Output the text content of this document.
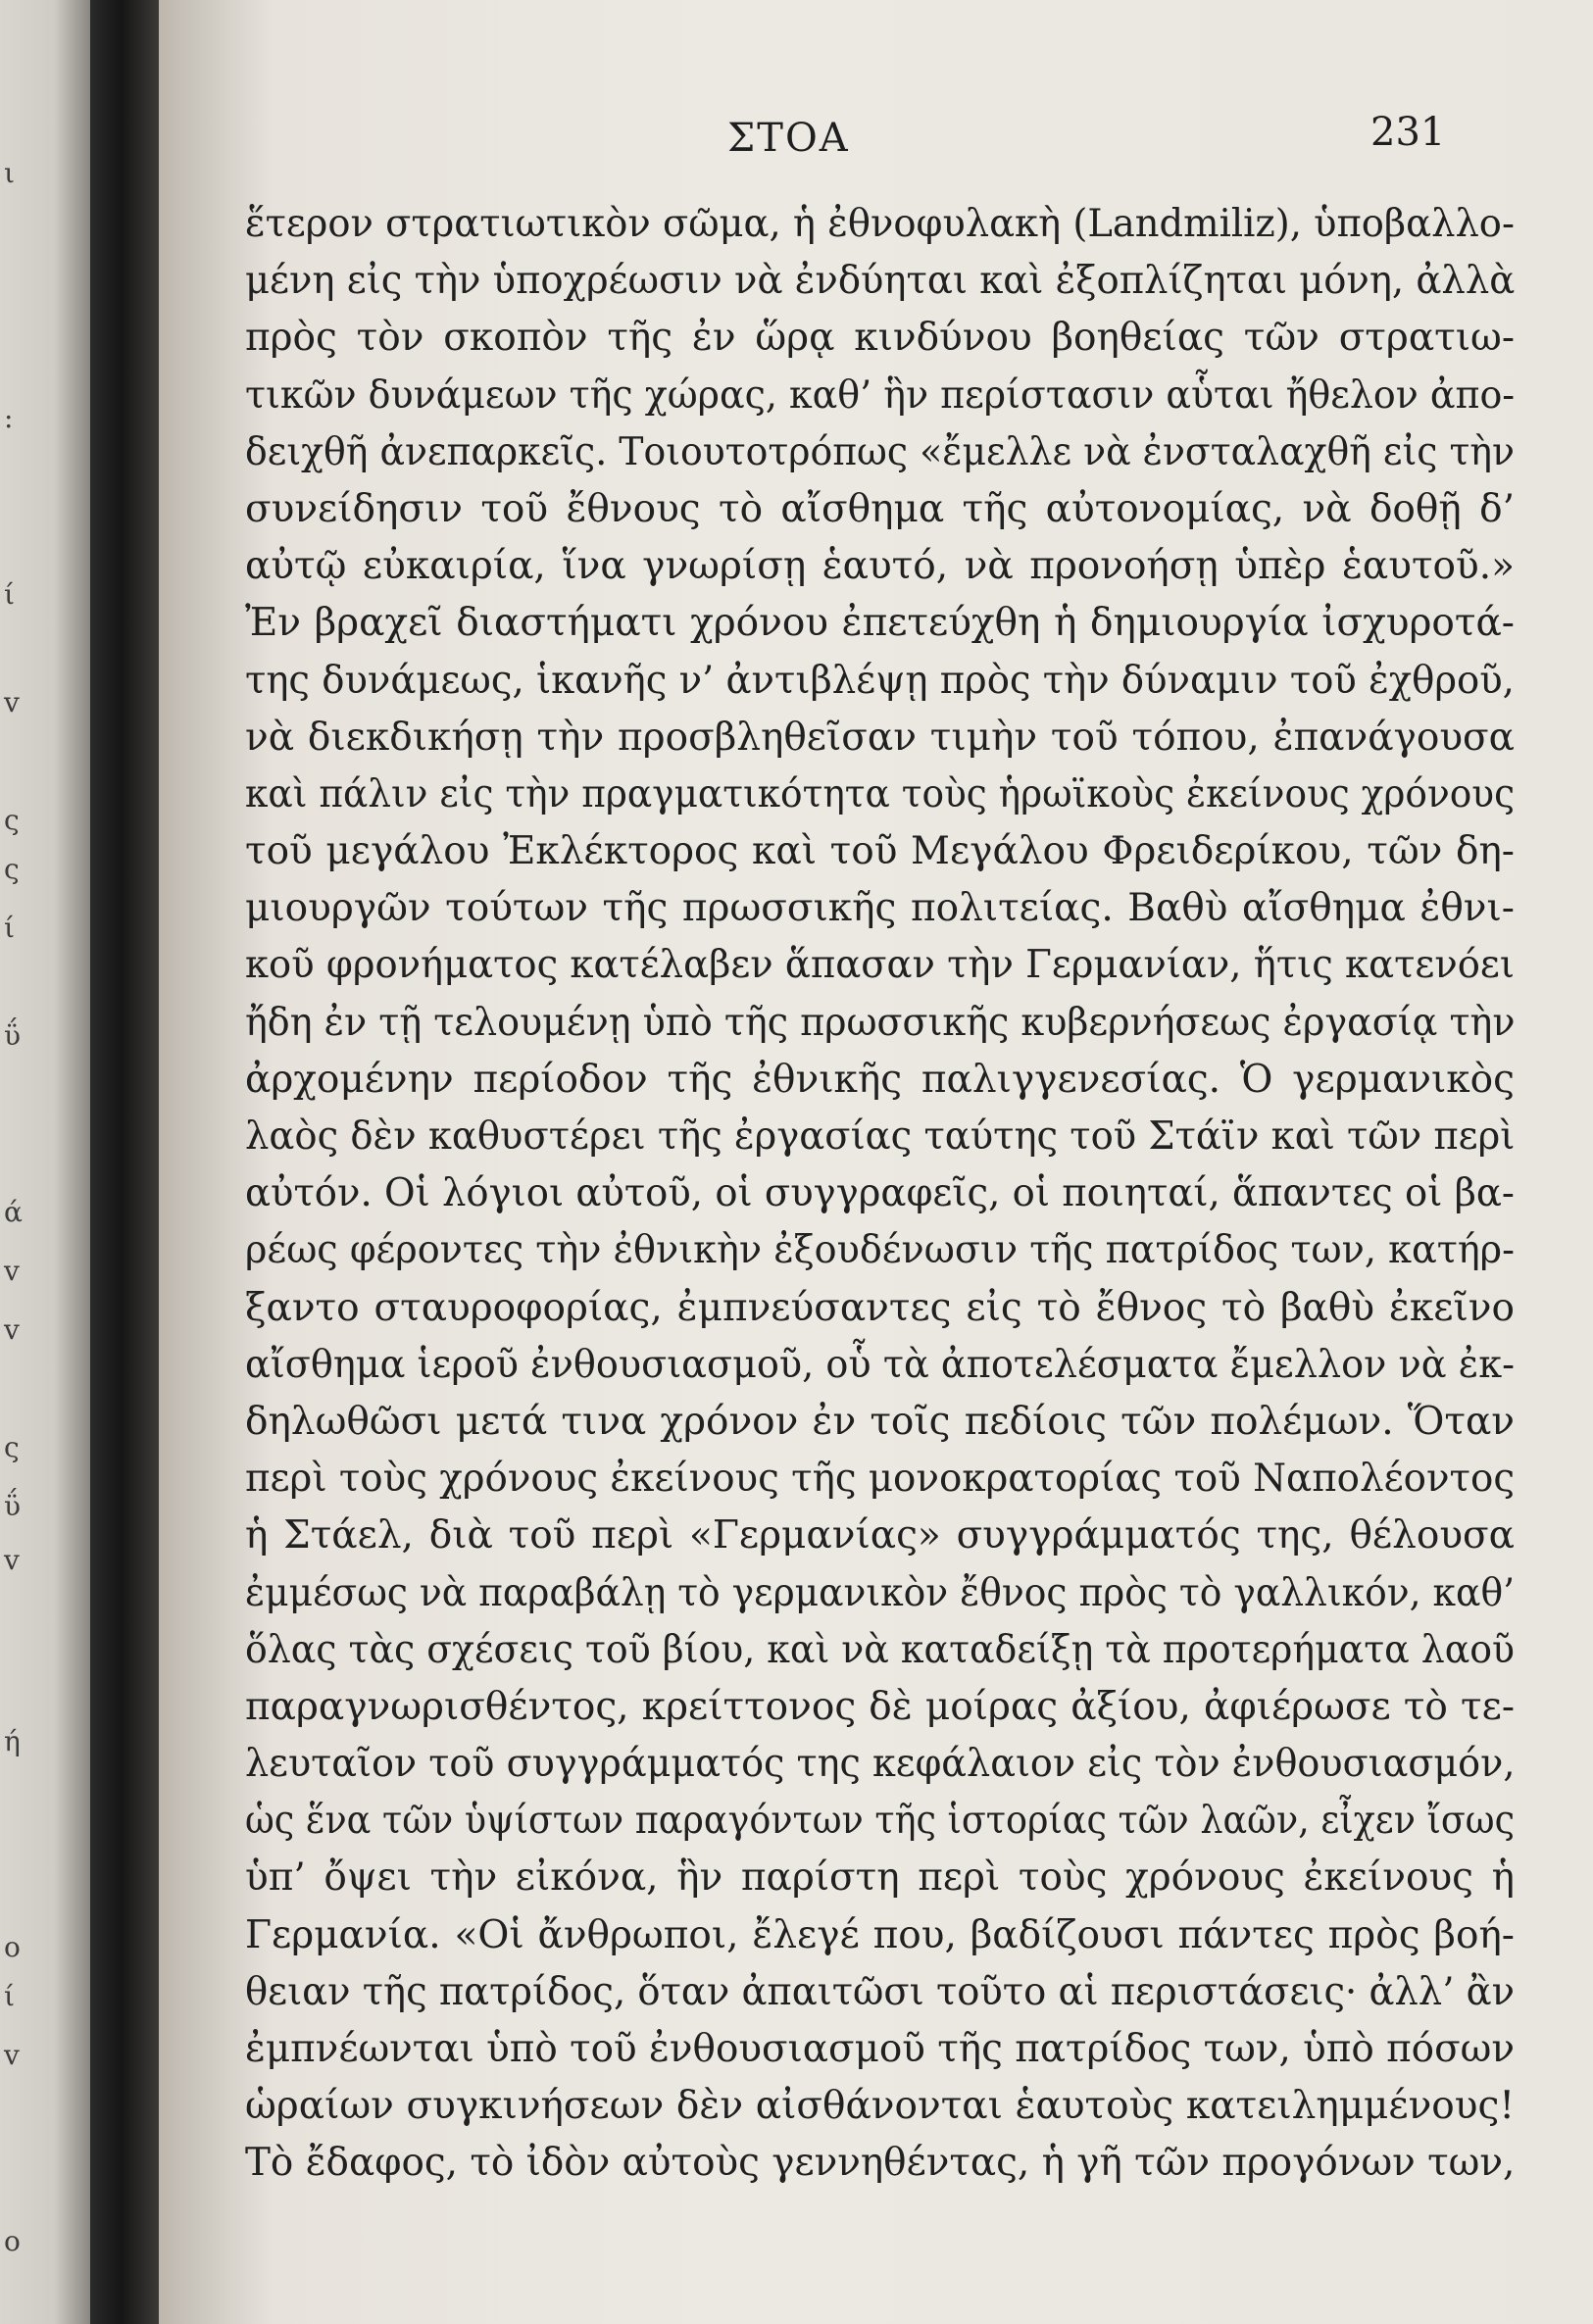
ι
:
ί
v
ς
ς
ί
ΰ
ά
v
v
ς
ΰ
v
ή
o
ί
v
o
ΣΤΟΑ	231
ἕτερον στρατιωτικὸν σῶμα, ἡ ἐθνοφυλακὴ (Landmiliz), ὑποβαλλο-
μένη εἰς τὴν ὑποχρέωσιν νὰ ἐνδύηται καὶ ἐξοπλίζηται μόνη, ἀλλὰ
πρὸς τὸν σκοπὸν τῆς ἐν ὥρᾳ κινδύνου βοηθείας τῶν στρατιω-
τικῶν δυνάμεων τῆς χώρας, καθ’ ἣν περίστασιν αὗται ἤθελον ἀπο-
δειχθῆ ἀνεπαρκεῖς. Τοιουτοτρόπως «ἔμελλε νὰ ἐνσταλαχθῆ εἰς τὴν
συνείδησιν τοῦ ἔθνους τὸ αἴσθημα τῆς αὐτονομίας, νὰ δοθῇ δ’
αὐτῷ εὐκαιρία, ἵνα γνωρίσῃ ἑαυτό, νὰ προνοήσῃ ὑπὲρ ἑαυτοῦ.»
Ἐν βραχεῖ διαστήματι χρόνου ἐπετεύχθη ἡ δημιουργία ἰσχυροτά-
της δυνάμεως, ἱκανῆς ν’ ἀντιβλέψῃ πρὸς τὴν δύναμιν τοῦ ἐχθροῦ,
νὰ διεκδικήσῃ τὴν προσβληθεῖσαν τιμὴν τοῦ τόπου, ἐπανάγουσα
καὶ πάλιν εἰς τὴν πραγματικότητα τοὺς ἡρωϊκοὺς ἐκείνους χρόνους
τοῦ μεγάλου Ἐκλέκτορος καὶ τοῦ Μεγάλου Φρειδερίκου, τῶν δη-
μιουργῶν τούτων τῆς πρωσσικῆς πολιτείας. Βαθὺ αἴσθημα ἐθνι-
κοῦ φρονήματος κατέλαβεν ἅπασαν τὴν Γερμανίαν, ἥτις κατενόει
ἤδη ἐν τῇ τελουμένῃ ὑπὸ τῆς πρωσσικῆς κυβερνήσεως ἐργασίᾳ τὴν
ἀρχομένην περίοδον τῆς ἐθνικῆς παλιγγενεσίας. Ὁ γερμανικὸς
λαὸς δὲν καθυστέρει τῆς ἐργασίας ταύτης τοῦ Στάϊν καὶ τῶν περὶ
αὐτόν. Οἱ λόγιοι αὐτοῦ, οἱ συγγραφεῖς, οἱ ποιηταί, ἅπαντες οἱ βα-
ρέως φέροντες τὴν ἐθνικὴν ἐξουδένωσιν τῆς πατρίδος των, κατήρ-
ξαντο σταυροφορίας, ἐμπνεύσαντες εἰς τὸ ἔθνος τὸ βαθὺ ἐκεῖνο
αἴσθημα ἱεροῦ ἐνθουσιασμοῦ, οὗ τὰ ἀποτελέσματα ἔμελλον νὰ ἐκ-
δηλωθῶσι μετά τινα χρόνον ἐν τοῖς πεδίοις τῶν πολέμων. Ὅταν
περὶ τοὺς χρόνους ἐκείνους τῆς μονοκρατορίας τοῦ Ναπολέοντος
ἡ Στάελ, διὰ τοῦ περὶ «Γερμανίας» συγγράμματός της, θέλουσα
ἐμμέσως νὰ παραβάλῃ τὸ γερμανικὸν ἔθνος πρὸς τὸ γαλλικόν, καθ’
ὅλας τὰς σχέσεις τοῦ βίου, καὶ νὰ καταδείξῃ τὰ προτερήματα λαοῦ
παραγνωρισθέντος, κρείττονος δὲ μοίρας ἀξίου, ἀφιέρωσε τὸ τε-
λευταῖον τοῦ συγγράμματός της κεφάλαιον εἰς τὸν ἐνθουσιασμόν,
ὡς ἕνα τῶν ὑψίστων παραγόντων τῆς ἱστορίας τῶν λαῶν, εἶχεν ἴσως
ὑπ’ ὄψει τὴν εἰκόνα, ἣν παρίστη περὶ τοὺς χρόνους ἐκείνους ἡ
Γερμανία. «Οἱ ἄνθρωποι, ἔλεγέ που, βαδίζουσι πάντες πρὸς βοή-
θειαν τῆς πατρίδος, ὅταν ἀπαιτῶσι τοῦτο αἱ περιστάσεις· ἀλλ’ ἂν
ἐμπνέωνται ὑπὸ τοῦ ἐνθουσιασμοῦ τῆς πατρίδος των, ὑπὸ πόσων
ὡραίων συγκινήσεων δὲν αἰσθάνονται ἑαυτοὺς κατειλημμένους!
Τὸ ἔδαφος, τὸ ἰδὸν αὐτοὺς γεννηθέντας, ἡ γῆ τῶν προγόνων των,
